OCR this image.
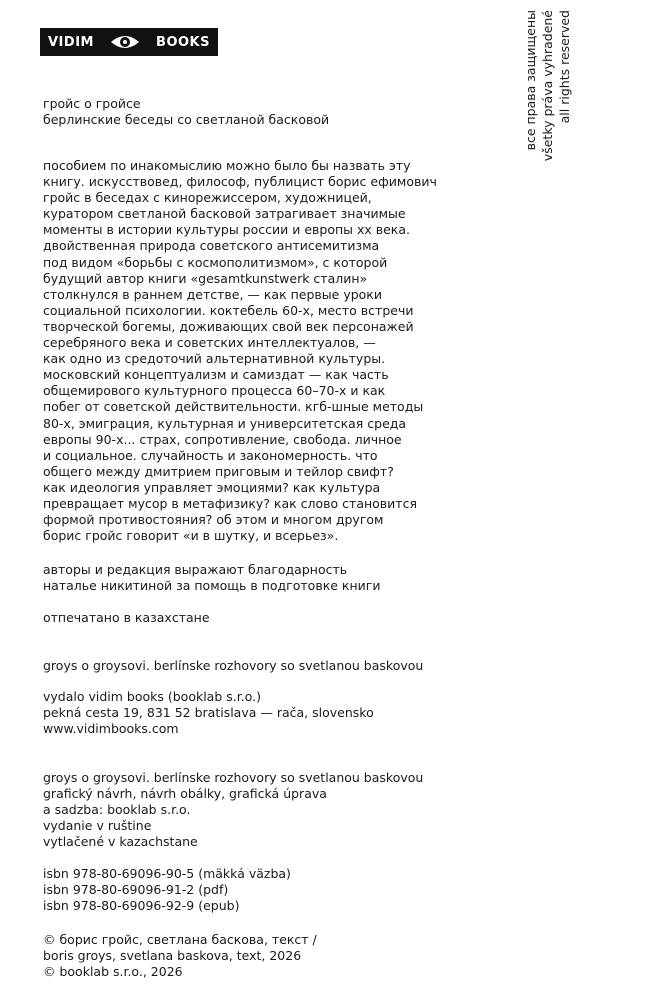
VIDIM	BOOKS	все права защищены všetky práva vyhradené all rights reserved
гройс о гройсе
берлинские беседы со светланой басковой
пособием по инакомыслию можно было бы назвать эту
книгу. искусствовед, философ, публицист борис ефимович
гройс в беседах с кинорежиссером, художницей,
куратором светланой басковой затрагивает значимые
моменты в истории культуры россии и европы xx века.
двойственная природа советского антисемитизма
под видом «борьбы с космополитизмом», с которой
будущий автор книги «gesamtkunstwerk сталин»
столкнулся в раннем детстве, — как первые уроки
социальной психологии. коктебель 60-х, место встречи
творческой богемы, доживающих свой век персонажей
серебряного века и советских интеллектуалов, —
как одно из средоточий альтернативной культуры.
московский концептуализм и самиздат — как часть
общемирового культурного процесса 60–70-х и как
побег от советской действительности. кгб-шные методы
80-х, эмиграция, культурная и университетская среда
европы 90-х... страх, сопротивление, свобода. личное
и социальное. случайность и закономерность. что
общего между дмитрием приговым и тейлор свифт?
как идеология управляет эмоциями? как культура
превращает мусор в метафизику? как слово становится
формой противостояния? об этом и многом другом
борис гройс говорит «и в шутку, и всерьез».
авторы и редакция выражают благодарность
наталье никитиной за помощь в подготовке книги
отпечатано в казахстане
groys o groysovi. berlínske rozhovory so svetlanou baskovou
vydalo vidim books (booklab s.r.o.)
pekná cesta 19, 831 52 bratislava — rača, slovensko
www.vidimbooks.com
groys o groysovi. berlínske rozhovory so svetlanou baskovou
grafický návrh, návrh obálky, grafická úprava
a sadzba: booklab s.r.o.
vydanie v ruštine
vytlačené v kazachstane
isbn 978-80-69096-90-5 (mäkká väzba)
isbn 978-80-69096-91-2 (pdf)
isbn 978-80-69096-92-9 (epub)
© борис гройс, светлана баскова, текст /
boris groys, svetlana baskova, text, 2026
© booklab s.r.o., 2026
